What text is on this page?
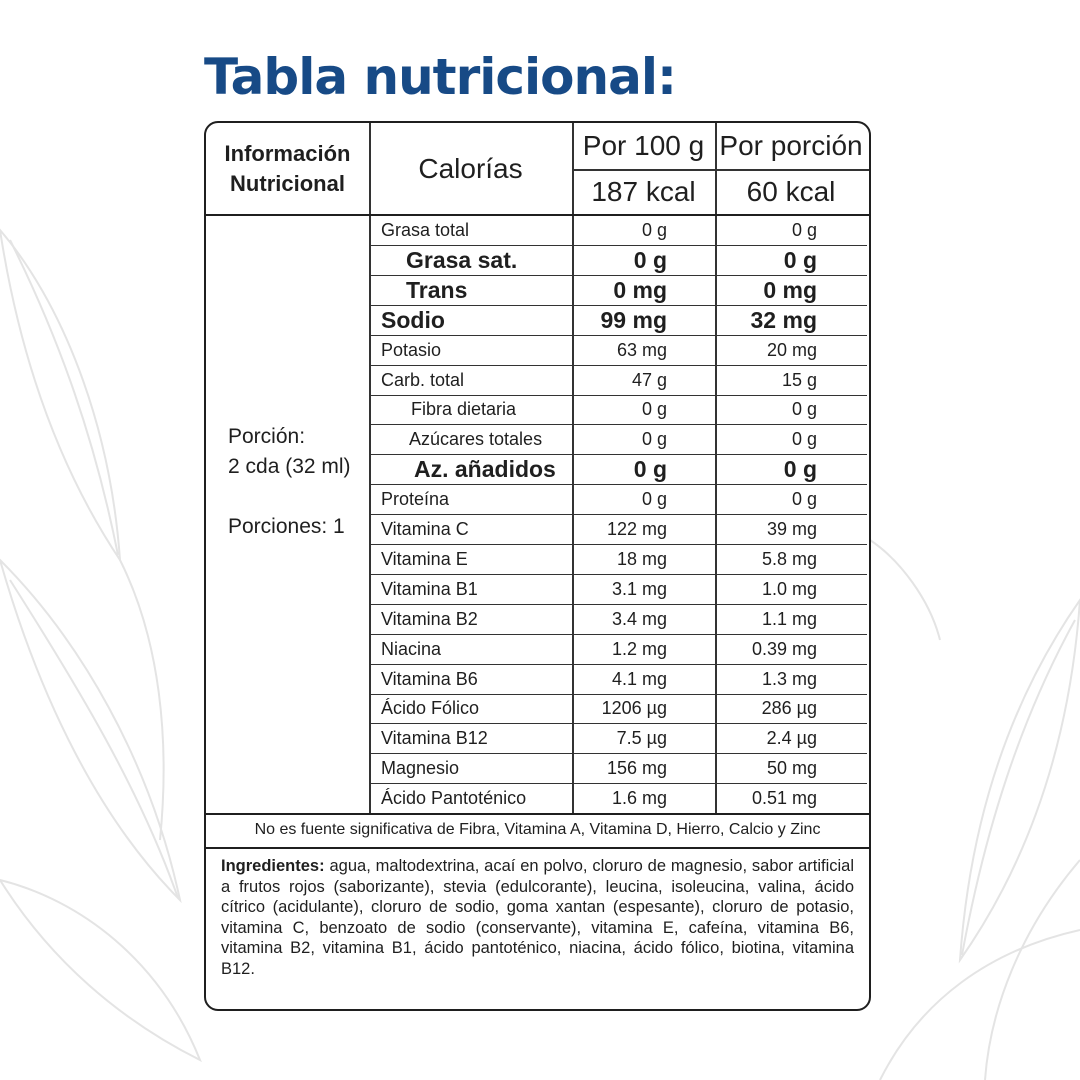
Tabla nutricional:
Información
Nutricional	Calorías
Por 100 g Por porción
187 kcal	60 kcal
Porción:
2 cda (32 ml)
Porciones: 1
Grasa total	0 g	0 g
Grasa sat.	0 g	0 g
Trans	0 mg	0 mg
Sodio	99 mg	32 mg
Potasio	63 mg	20 mg
Carb. total	47 g	15 g
Fibra dietaria	0 g	0 g
Azúcares totales	0 g	0 g
Az. añadidos	0 g	0 g
Proteína	0 g	0 g
Vitamina C	122 mg	39 mg
Vitamina E	18 mg	5.8 mg
Vitamina B1	3.1 mg	1.0 mg
Vitamina B2	3.4 mg	1.1 mg
Niacina	1.2 mg	0.39 mg
Vitamina B6	4.1 mg	1.3 mg
Ácido Fólico	1206 µg	286 µg
Vitamina B12	7.5 µg	2.4 µg
Magnesio	156 mg	50 mg
Ácido Pantoténico	1.6 mg	0.51 mg
No es fuente significativa de Fibra, Vitamina A, Vitamina D, Hierro, Calcio y Zinc
Ingredientes: agua, maltodextrina, acaí en polvo, cloruro de magnesio, sabor artificial a frutos rojos (saborizante), stevia (edulcorante), leucina, isoleucina, valina, ácido cítrico (acidulante), cloruro de sodio, goma xantan (espesante), cloruro de potasio, vitamina C, benzoato de sodio (conservante), vitamina E, cafeína, vitamina B6, vitamina B2, vitamina B1, ácido pantoténico, niacina, ácido fólico, biotina, vitamina B12.
